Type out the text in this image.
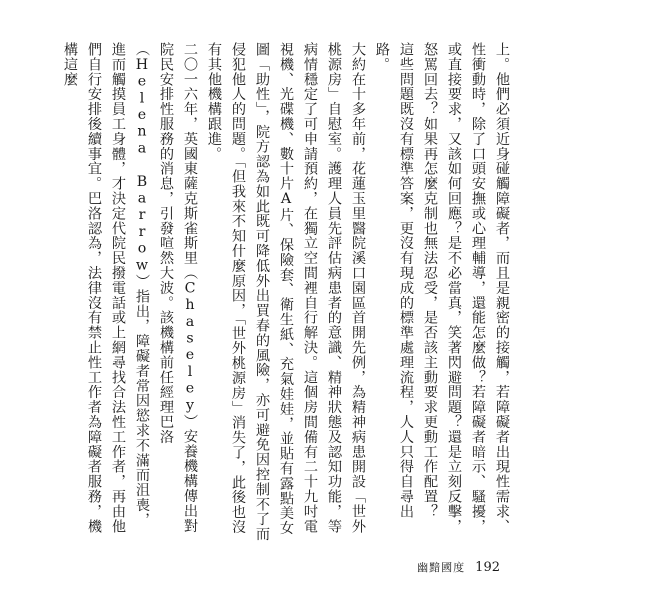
上。他們必須近身碰觸障礙者，而且是親密的接觸，若障礙者出現性需求、性衝動時，除了口頭安撫或心理輔導，還能怎麼做？若障礙者暗示、騷擾，或直接要求，又該如何回應？是不必當真，笑著閃避問題？還是立刻反擊，怒罵回去？如果再怎麼克制也無法忍受，是否該主動要求更動工作配置？

這些問題既沒有標準答案，更沒有現成的標準處理流程，人人只得自尋出路。

大約在十多年前，花蓮玉里醫院溪口園區首開先例，為精神病患開設「世外桃源房」自慰室。護理人員先評估病患者的意識、精神狀態及認知功能，等病情穩定了可申請預約，在獨立空間裡自行解決。這個房間備有二十九吋電視機、光碟機、數十片A片、保險套、衛生紙、充氣娃娃，並貼有露點美女圖「助性」，院方認為如此既可降低外出買春的風險，亦可避免因控制不了而侵犯他人的問題。「但我來不知什麼原因，「世外桃源房」消失了，此後也沒有其他機構跟進。

二〇一六年，英國東薩克斯雀斯里（Chaseley）安養機構傳出對院民安排性服務的消息，引發喧然大波。該機構前任經理巴洛（Helena Barrow）指出，障礙者常因慾求不滿而沮喪，進而觸摸員工身體，才決定代院民撥電話或上網尋找合法性工作者，再由他們自行安排後續事宜。巴洛認為，法律沒有禁止性工作者為障礙者服務，機構這麼

幽黯國度 192
